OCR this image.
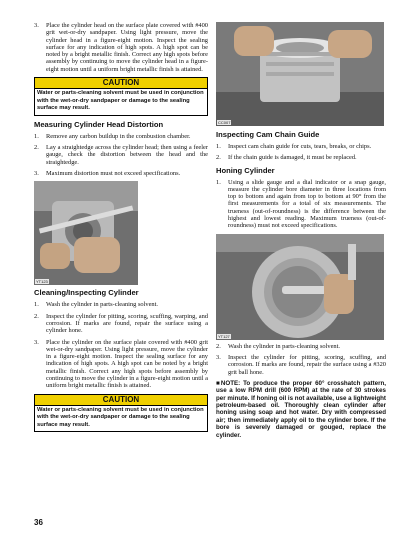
3. Place the cylinder head on the surface plate covered with #400 grit wet-or-dry sandpaper. Using light pressure, move the cylinder head in a figure-eight motion. Inspect the sealing surface for any indication of high spots. A high spot can be noted by a bright metallic finish. Correct any high spots before assembly by continuing to move the cylinder head in a figure-eight motion until a uniform bright metallic finish is attained.
CAUTION
Water or parts-cleaning solvent must be used in conjunction with the wet-or-dry sandpaper or damage to the sealing surface may result.
Measuring Cylinder Head Distortion
1. Remove any carbon buildup in the combustion chamber.
2. Lay a straightedge across the cylinder head; then using a feeler gauge, check the distortion between the head and the straightedge.
3. Maximum distortion must not exceed specifications.
YT123
Cleaning/Inspecting Cylinder
1. Wash the cylinder in parts-cleaning solvent.
2. Inspect the cylinder for pitting, scoring, scuffing, warping, and corrosion. If marks are found, repair the surface using a cylinder hone.
3. Place the cylinder on the surface plate covered with #400 grit wet-or-dry sandpaper. Using light pressure, move the cylinder in a figure-eight motion. Inspect the sealing surface for any indication of high spots. A high spot can be noted by a bright metallic finish. Correct any high spots before assembly by continuing to move the cylinder in a figure-eight motion until a uniform bright metallic finish is attained.
CAUTION
Water or parts-cleaning solvent must be used in conjunction with the wet-or-dry sandpaper or damage to the sealing surface may result.
CC007
Inspecting Cam Chain Guide
1. Inspect cam chain guide for cuts, tears, breaks, or chips.
2. If the chain guide is damaged, it must be replaced.
Honing Cylinder
1. Using a slide gauge and a dial indicator or a snap gauge, measure the cylinder bore diameter in three locations from top to bottom and again from top to bottom at 90° from the first measurements for a total of six measurements. The trueness (out-of-roundness) is the difference between the highest and lowest reading. Maximum trueness (out-of-roundness) must not exceed specifications.
YT127
2. Wash the cylinder in parts-cleaning solvent.
3. Inspect the cylinder for pitting, scoring, scuffing, and corrosion. If marks are found, repair the surface using a #320 grit ball hone.
■NOTE: To produce the proper 60° crosshatch pattern, use a low RPM drill (600 RPM) at the rate of 30 strokes per minute. If honing oil is not available, use a lightweight petroleum-based oil. Thoroughly clean cylinder after honing using soap and hot water. Dry with compressed air; then immediately apply oil to the cylinder bore. If the bore is severely damaged or gouged, replace the cylinder.
36
